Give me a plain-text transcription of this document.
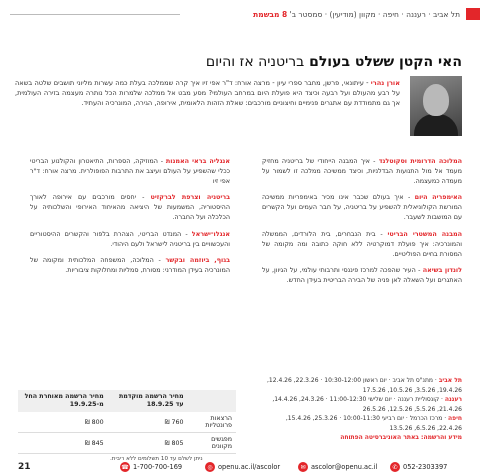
תל אביב · רעננה · חיפה · מקוון (מודיעין) · סמסטר ב' 8 מבשמת
האי הקטן ששלט בעולם בריטניה אז והיום
אורן נהרי - עיתונאי, פרשן, מחבר ספרי עיון - מרצה אורח: ד"ר אפי זיו איך קרה שממלכה בעלת כמה עשרות מליוני תושבים שלטה בשאה על רבע מהעולם ועל רבעה וכיצד היא פועלת היום במרחב העולמי? מסע מבט אל ממלכה שלמרות הכל נותרה מעצמה בזירה העולמית, אך גם מתמודדת עם אתגרים פנימיים וחיצוניים מורכבים: שאלת הזהות הלאומית, אירופה, הגירה, המונרכיה והעתיד.

המלוכה הדרומית וסקוטלנד - איך המבנה הייחודי של בריטניה מחזיק מעמד אל מול התנועות הבדלניות, וכיצד ממשיכה ממלכה זו לשמור על מעמדה כמעצמה.

האימפריה היום - איך בעולם שכבר אינו מכיר באימפריות ממשיכה המורשת הקולוניאלית להשפיע על בריטניה, על חבר העמים ועל הקשרים עם המושבות לשעבר.

המבנה המשטרי הבריטי - בית הנבחרים, בית הלורדים, הממשלה והמונרכיה: איך פועלת דמוקרטיה ללא חוקה כתובה ומה מקומה של המסורת בחיים הפוליטיים.

לונדון בשיאה - העיר שהפכה למרכז פיננסי ותרבותי עולמי, על הגיוון, על האתגרים ועל השאלה לאן פניה של הבירה הבריטית בעידן החדש.

אנגליה בראי האמנות - המוזיקה, הספרות, התיאטרון והקולנוע הבריטי ככלי שהשפיע על העולם ועיצב את התרבות הפופולרית. מרצה אורח: ד"ר אפי זיו

בריטניה וצרפת לברקזיט - יחסים מורכבים עם אירופה לאורך ההיסטוריה, המשמעות של היציאה מהאיחוד האירופי והשלכותיה על הכלכלה ועל החברה.

אנגלו־ישראל - המנדט הבריטי, הצהרת בלפור והקשרים ההיסטוריים והעכשוויים בין בריטניה לישראל ולעם היהודי.

בגוף, ביוזמה ובקשר - המלוכה, המשפחה המלכותית ומקומה של המונרכיה בעידן המודרני: מסורת, סמליות ומחלוקות ציבוריות.

תל אביב · מתנ"ס תל אביב · יום ראשון 10:30-12:00 · 22.3.26, 12.4.26, 19.4.26, 3.5.26, 10.5.26, 17.5.26
רעננה · קונסוליית רעננה · יום שלישי 11:00-12:30 · 24.3.26, 14.4.26, 21.4.26, 5.5.26, 12.5.26, 26.5.26
חיפה · מרכז הכרמל · יום רביעי 10:00-11:30 · 25.3.26, 15.4.26, 22.4.26, 6.5.26, 13.5.26
מידע והרשמה: באתר האוניברסיטה הפתוחה
	מחיר הרשמה מוקדמת עד 18.9.25	מחיר הרשמה מאוחרת החל מ-19.9.25
הרצאות פרונטליות	760 ₪	800 ₪
מפגשים מקוונים	805 ₪	845 ₪
ניתן לשלם עד 10 תשלומים ללא ריבית.
21	☎ 1-700-700-169	◎ openu.ac.il/ascolor	✉ ascolor@openu.ac.il	✆ 052-2303397
